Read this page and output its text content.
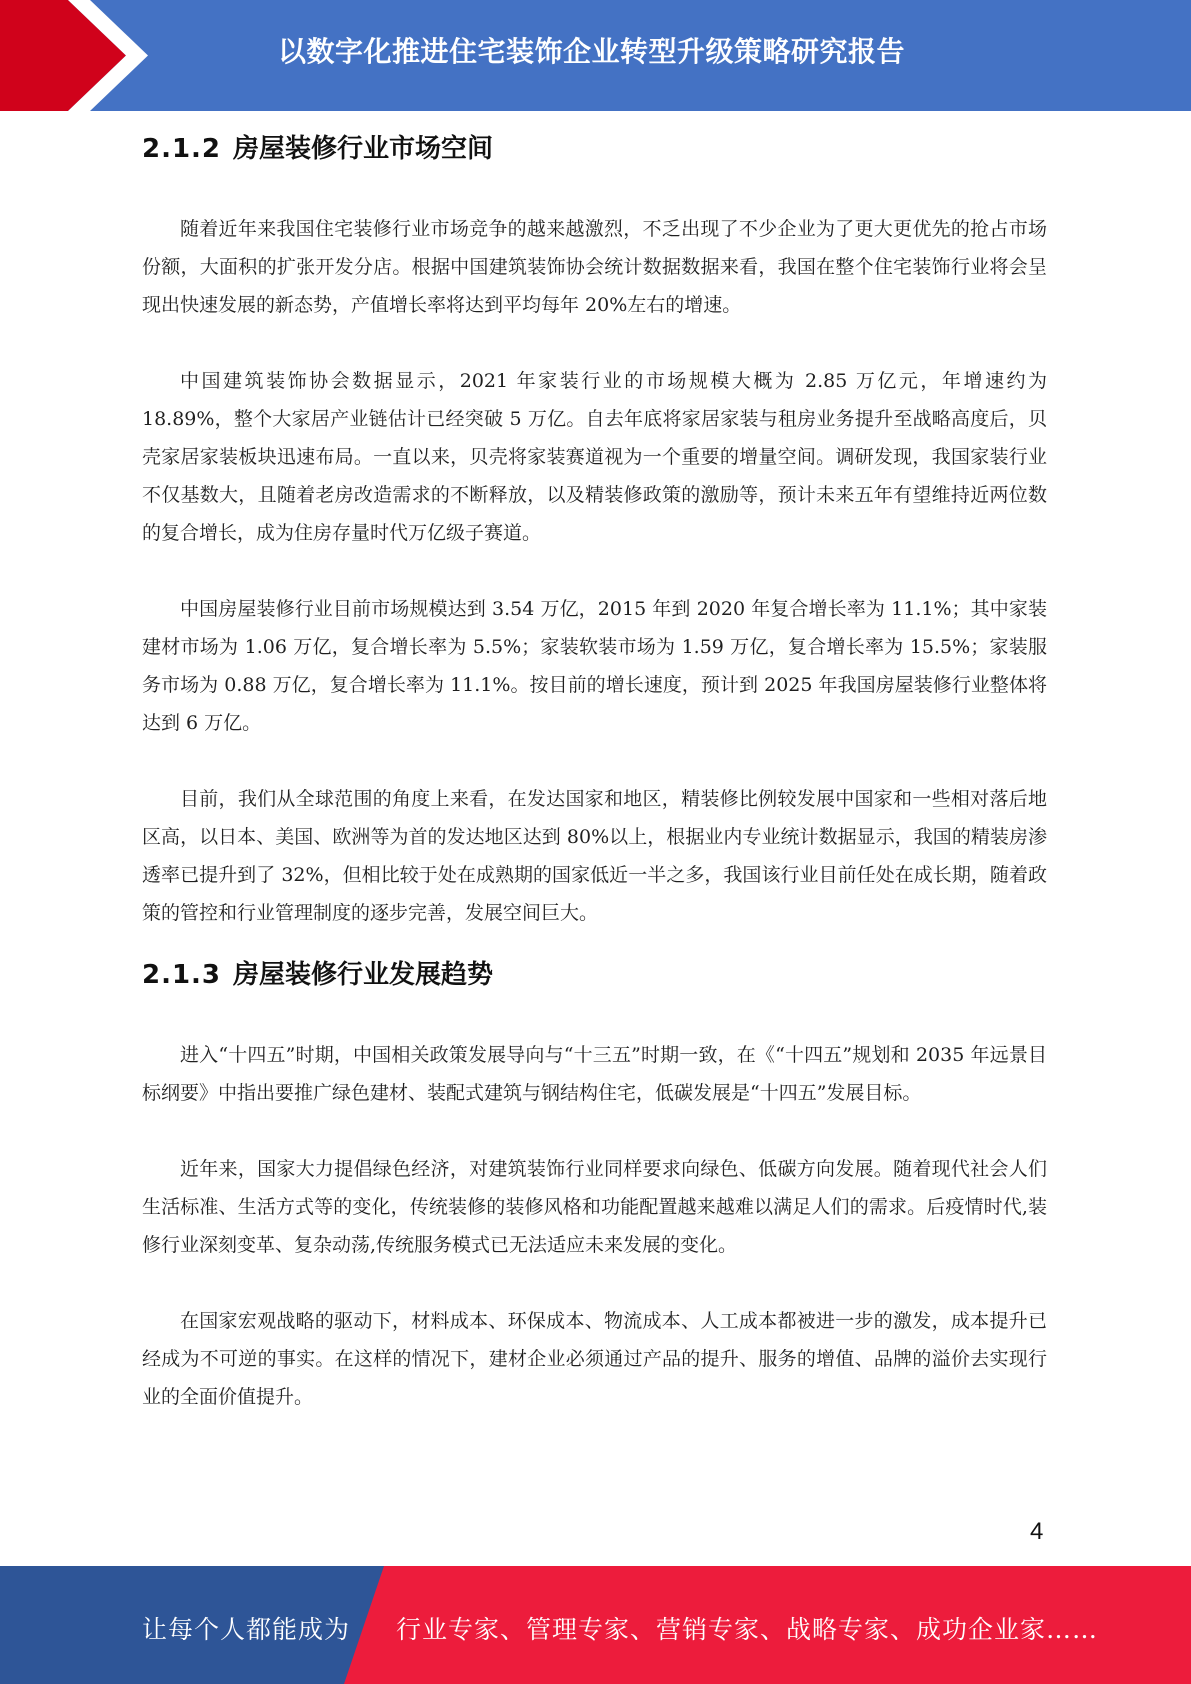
以数字化推进住宅装饰企业转型升级策略研究报告
2.1.2 房屋装修行业市场空间

随着近年来我国住宅装修行业市场竞争的越来越激烈，不乏出现了不少企业为了更大更优先的抢占市场份额，大面积的扩张开发分店。根据中国建筑装饰协会统计数据数据来看，我国在整个住宅装饰行业将会呈现出快速发展的新态势，产值增长率将达到平均每年 20%左右的增速。

中国建筑装饰协会数据显示，2021 年家装行业的市场规模大概为 2.85 万亿元，年增速约为 18.89%，整个大家居产业链估计已经突破 5 万亿。自去年底将家居家装与租房业务提升至战略高度后，贝壳家居家装板块迅速布局。一直以来，贝壳将家装赛道视为一个重要的增量空间。调研发现，我国家装行业不仅基数大，且随着老房改造需求的不断释放，以及精装修政策的激励等，预计未来五年有望维持近两位数的复合增长，成为住房存量时代万亿级子赛道。

中国房屋装修行业目前市场规模达到 3.54 万亿，2015 年到 2020 年复合增长率为 11.1%；其中家装建材市场为 1.06 万亿，复合增长率为 5.5%；家装软装市场为 1.59 万亿，复合增长率为 15.5%；家装服务市场为 0.88 万亿，复合增长率为 11.1%。按目前的增长速度，预计到 2025 年我国房屋装修行业整体将达到 6 万亿。

目前，我们从全球范围的角度上来看，在发达国家和地区，精装修比例较发展中国家和一些相对落后地区高，以日本、美国、欧洲等为首的发达地区达到 80%以上，根据业内专业统计数据显示，我国的精装房渗透率已提升到了 32%，但相比较于处在成熟期的国家低近一半之多，我国该行业目前任处在成长期，随着政策的管控和行业管理制度的逐步完善，发展空间巨大。

2.1.3 房屋装修行业发展趋势

进入“十四五”时期，中国相关政策发展导向与“十三五”时期一致，在《“十四五”规划和 2035 年远景目标纲要》中指出要推广绿色建材、装配式建筑与钢结构住宅，低碳发展是“十四五”发展目标。

近年来，国家大力提倡绿色经济，对建筑装饰行业同样要求向绿色、低碳方向发展。随着现代社会人们生活标准、生活方式等的变化，传统装修的装修风格和功能配置越来越难以满足人们的需求。后疫情时代,装修行业深刻变革、复杂动荡,传统服务模式已无法适应未来发展的变化。

在国家宏观战略的驱动下，材料成本、环保成本、物流成本、人工成本都被进一步的激发，成本提升已经成为不可逆的事实。在这样的情况下，建材企业必须通过产品的提升、服务的增值、品牌的溢价去实现行业的全面价值提升。

4
让每个人都能成为 行业专家、管理专家、营销专家、战略专家、成功企业家……
